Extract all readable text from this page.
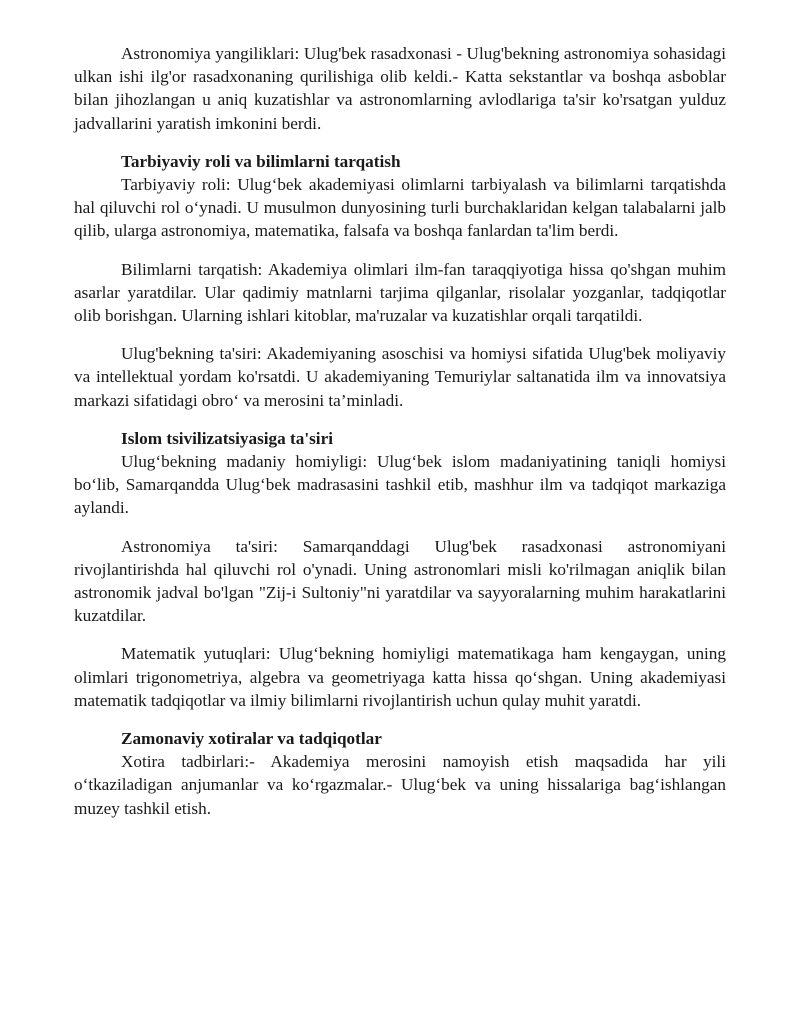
Astronomiya yangiliklari: Ulug'bek rasadxonasi - Ulug'bekning astronomiya sohasidagi ulkan ishi ilg'or rasadxonaning qurilishiga olib keldi.- Katta sekstantlar va boshqa asboblar bilan jihozlangan u aniq kuzatishlar va astronomlarning avlodlariga ta'sir ko'rsatgan yulduz jadvallarini yaratish imkonini berdi.

Tarbiyaviy roli va bilimlarni tarqatish

Tarbiyaviy roli: Ulug‘bek akademiyasi olimlarni tarbiyalash va bilimlarni tarqatishda hal qiluvchi rol o‘ynadi. U musulmon dunyosining turli burchaklaridan kelgan talabalarni jalb qilib, ularga astronomiya, matematika, falsafa va boshqa fanlardan ta'lim berdi.

Bilimlarni tarqatish: Akademiya olimlari ilm-fan taraqqiyotiga hissa qo'shgan muhim asarlar yaratdilar. Ular qadimiy matnlarni tarjima qilganlar, risolalar yozganlar, tadqiqotlar olib borishgan. Ularning ishlari kitoblar, ma'ruzalar va kuzatishlar orqali tarqatildi.

Ulug'bekning ta'siri: Akademiyaning asoschisi va homiysi sifatida Ulug'bek moliyaviy va intellektual yordam ko'rsatdi. U akademiyaning Temuriylar saltanatida ilm va innovatsiya markazi sifatidagi obro‘ va merosini ta’minladi.

Islom tsivilizatsiyasiga ta'siri

Ulug‘bekning madaniy homiyligi: Ulug‘bek islom madaniyatining taniqli homiysi bo‘lib, Samarqandda Ulug‘bek madrasasini tashkil etib, mashhur ilm va tadqiqot markaziga aylandi.

Astronomiya ta'siri: Samarqanddagi Ulug'bek rasadxonasi astronomiyani rivojlantirishda hal qiluvchi rol o'ynadi. Uning astronomlari misli ko'rilmagan aniqlik bilan astronomik jadval bo'lgan "Zij-i Sultoniy"ni yaratdilar va sayyoralarning muhim harakatlarini kuzatdilar.

Matematik yutuqlari: Ulug‘bekning homiyligi matematikaga ham kengaygan, uning olimlari trigonometriya, algebra va geometriyaga katta hissa qo‘shgan. Uning akademiyasi matematik tadqiqotlar va ilmiy bilimlarni rivojlantirish uchun qulay muhit yaratdi.

Zamonaviy xotiralar va tadqiqotlar

Xotira tadbirlari:- Akademiya merosini namoyish etish maqsadida har yili o‘tkaziladigan anjumanlar va ko‘rgazmalar.- Ulug‘bek va uning hissalariga bag‘ishlangan muzey tashkil etish.
